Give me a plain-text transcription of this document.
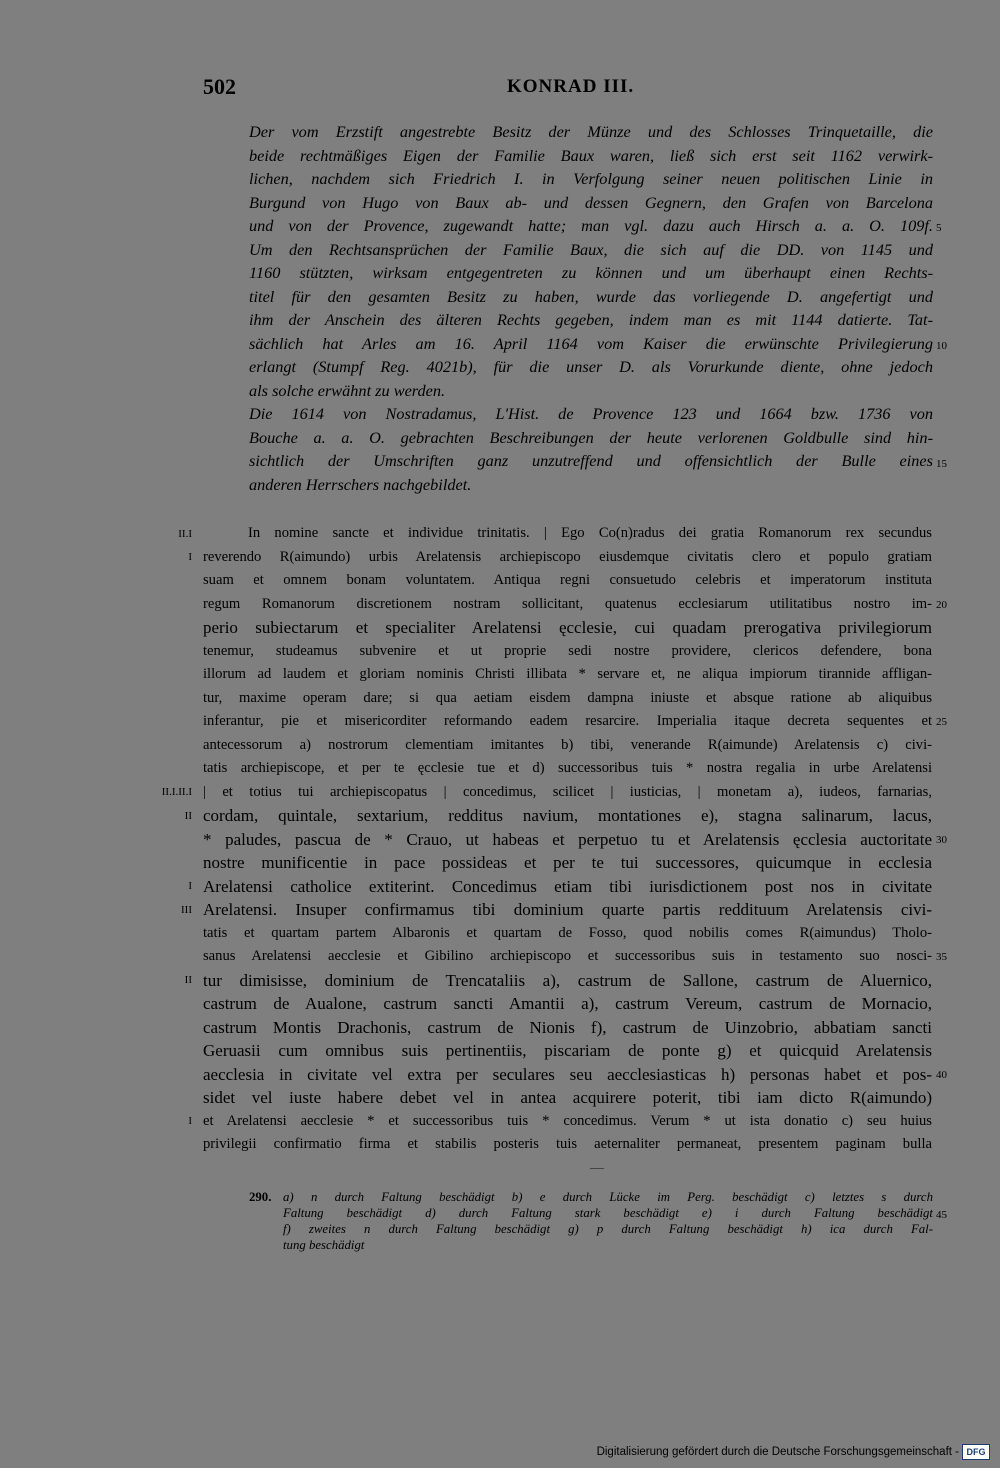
502	KONRAD III.
Der vom Erzstift angestrebte Besitz der Münze und des Schlosses Trinquetaille, die
beide rechtmäßiges Eigen der Familie Baux waren, ließ sich erst seit 1162 verwirk-
lichen, nachdem sich Friedrich I. in Verfolgung seiner neuen politischen Linie in
Burgund von Hugo von Baux ab- und dessen Gegnern, den Grafen von Barcelona
und von der Provence, zugewandt hatte; man vgl. dazu auch Hirsch a. a. O. 109f.
Um den Rechtsansprüchen der Familie Baux, die sich auf die DD. von 1145 und
1160 stützten, wirksam entgegentreten zu können und um überhaupt einen Rechts-
titel für den gesamten Besitz zu haben, wurde das vorliegende D. angefertigt und
ihm der Anschein des älteren Rechts gegeben, indem man es mit 1144 datierte. Tat-
sächlich hat Arles am 16. April 1164 vom Kaiser die erwünschte Privilegierung
erlangt (Stumpf Reg. 4021b), für die unser D. als Vorurkunde diente, ohne jedoch
als solche erwähnt zu werden.
Die 1614 von Nostradamus, L'Hist. de Provence 123 und 1664 bzw. 1736 von
Bouche a. a. O. gebrachten Beschreibungen der heute verlorenen Goldbulle sind hin-
sichtlich der Umschriften ganz unzutreffend und offensichtlich der Bulle eines
anderen Herrschers nachgebildet.
5
10
15
In nomine sancte et individue trinitatis. | Ego Co(n)radus dei gratia Romanorum rex secundus
reverendo R(aimundo) urbis Arelatensis archiepiscopo eiusdemque civitatis clero et populo gratiam
suam et omnem bonam voluntatem. Antiqua regni consuetudo celebris et imperatorum instituta
regum Romanorum discretionem nostram sollicitant, quatenus ecclesiarum utilitatibus nostro im-
perio subiectarum et specialiter Arelatensi ęcclesie, cui quadam prerogativa privilegiorum
tenemur, studeamus subvenire et ut proprie sedi nostre providere, clericos defendere, bona
illorum ad laudem et gloriam nominis Christi illibata * servare et, ne aliqua impiorum tirannide affligan-
tur, maxime operam dare; si qua aetiam eisdem dampna iniuste et absque ratione ab aliquibus
inferantur, pie et misericorditer reformando eadem resarcire. Imperialia itaque decreta sequentes et
antecessorum a) nostrorum clementiam imitantes b) tibi, venerande R(aimunde) Arelatensis c) civi-
tatis archiepiscope, et per te ęcclesie tue et d) successoribus tuis * nostra regalia in urbe Arelatensi
| et totius tui archiepiscopatus | concedimus, scilicet | iusticias, | monetam a), iudeos, farnarias,
cordam, quintale, sextarium, redditus navium, montationes e), stagna salinarum, lacus,
* paludes, pascua de * Crauo, ut habeas et perpetuo tu et Arelatensis ęcclesia auctoritate
nostre munificentie in pace possideas et per te tui successores, quicumque in ecclesia
Arelatensi catholice extiterint. Concedimus etiam tibi iurisdictionem post nos in civitate
Arelatensi. Insuper confirmamus tibi dominium quarte partis reddituum Arelatensis civi-
tatis et quartam partem Albaronis et quartam de Fosso, quod nobilis comes R(aimundus) Tholo-
sanus Arelatensi aecclesie et Gibilino archiepiscopo et successoribus suis in testamento suo nosci-
tur dimisisse, dominium de Trencataliis a), castrum de Sallone, castrum de Aluernico,
castrum de Aualone, castrum sancti Amantii a), castrum Vereum, castrum de Mornacio,
castrum Montis Drachonis, castrum de Nionis f), castrum de Uinzobrio, abbatiam sancti
Geruasii cum omnibus suis pertinentiis, piscariam de ponte g) et quicquid Arelatensis
aecclesia in civitate vel extra per seculares seu aecclesiasticas h) personas habet et pos-
sidet vel iuste habere debet vel in antea acquirere poterit, tibi iam dicto R(aimundo)
et Arelatensi aecclesie * et successoribus tuis * concedimus. Verum * ut ista donatio c) seu huius
privilegii confirmatio firma et stabilis posteris tuis aeternaliter permaneat, presentem paginam bulla
II.I
I
II.I.II.I
II
I
III
II
I
20
25
30
35
40
290. a) n durch Faltung beschädigt b) e durch Lücke im Perg. beschädigt c) letztes s durch
Faltung beschädigt d) durch Faltung stark beschädigt e) i durch Faltung beschädigt
f) zweites n durch Faltung beschädigt g) p durch Faltung beschädigt h) ica durch Fal-
tung beschädigt
45
Digitalisierung gefördert durch die Deutsche Forschungsgemeinschaft - DFG
